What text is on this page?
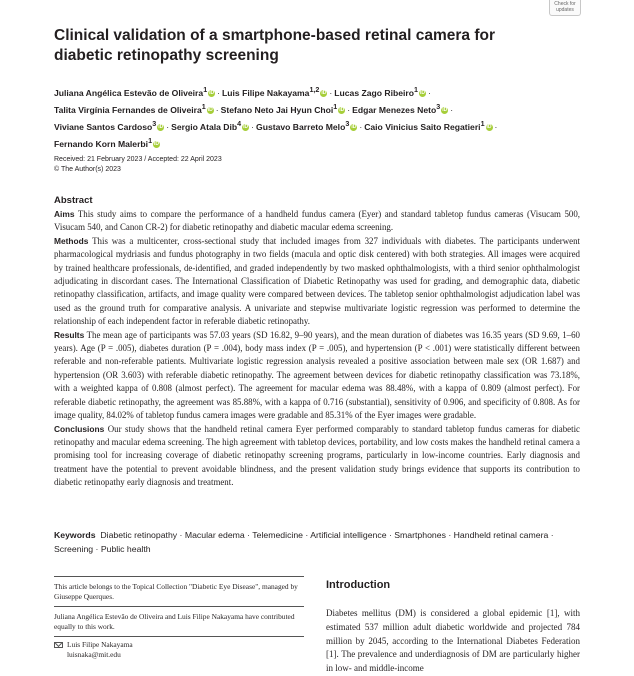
Check for
updates
Clinical validation of a smartphone-based retinal camera for diabetic retinopathy screening
Juliana Angélica Estevão de Oliveira$^1$ iD · Luis Filipe Nakayama$^{1,2}$ iD · Lucas Zago Ribeiro$^1$ iD ·
Talita Virgínia Fernandes de Oliveira$^1$ iD · Stefano Neto Jai Hyun Choi$^1$ iD · Edgar Menezes Neto$^3$ iD ·
Viviane Santos Cardoso$^3$ iD · Sergio Atala Dib$^4$ iD · Gustavo Barreto Melo$^3$ iD · Caio Vinicius Saito Regatieri$^1$ iD ·
Fernando Korn Malerbi$^1$ iD
Received: 21 February 2023 / Accepted: 22 April 2023
© The Author(s) 2023
Abstract

Aims This study aims to compare the performance of a handheld fundus camera (Eyer) and standard tabletop fundus cameras (Visucam 500, Visucam 540, and Canon CR-2) for diabetic retinopathy and diabetic macular edema screening.

Methods This was a multicenter, cross-sectional study that included images from 327 individuals with diabetes. The participants underwent pharmacological mydriasis and fundus photography in two fields (macula and optic disk centered) with both strategies. All images were acquired by trained healthcare professionals, de-identified, and graded independently by two masked ophthalmologists, with a third senior ophthalmologist adjudicating in discordant cases. The International Classification of Diabetic Retinopathy was used for grading, and demographic data, diabetic retinopathy classification, artifacts, and image quality were compared between devices. The tabletop senior ophthalmologist adjudication label was used as the ground truth for comparative analysis. A univariate and stepwise multivariate logistic regression was performed to determine the relationship of each independent factor in referable diabetic retinopathy.

Results The mean age of participants was 57.03 years (SD 16.82, 9–90 years), and the mean duration of diabetes was 16.35 years (SD 9.69, 1–60 years). Age (P = .005), diabetes duration (P = .004), body mass index (P = .005), and hypertension (P < .001) were statistically different between referable and non-referable patients. Multivariate logistic regression analysis revealed a positive association between male sex (OR 1.687) and hypertension (OR 3.603) with referable diabetic retinopathy. The agreement between devices for diabetic retinopathy classification was 73.18%, with a weighted kappa of 0.808 (almost perfect). The agreement for macular edema was 88.48%, with a kappa of 0.809 (almost perfect). For referable diabetic retinopathy, the agreement was 85.88%, with a kappa of 0.716 (substantial), sensitivity of 0.906, and specificity of 0.808. As for image quality, 84.02% of tabletop fundus camera images were gradable and 85.31% of the Eyer images were gradable.

Conclusions Our study shows that the handheld retinal camera Eyer performed comparably to standard tabletop fundus cameras for diabetic retinopathy and macular edema screening. The high agreement with tabletop devices, portability, and low costs makes the handheld retinal camera a promising tool for increasing coverage of diabetic retinopathy screening programs, particularly in low-income countries. Early diagnosis and treatment have the potential to prevent avoidable blindness, and the present validation study brings evidence that supports its contribution to diabetic retinopathy early diagnosis and treatment.

Keywords Diabetic retinopathy · Macular edema · Telemedicine · Artificial intelligence · Smartphones · Handheld retinal camera · Screening · Public health

This article belongs to the Topical Collection "Diabetic Eye Disease", managed by Giuseppe Querques.

Juliana Angélica Estevão de Oliveira and Luis Filipe Nakayama have contributed equally to this work.

Luis Filipe Nakayama

luisnaka@mit.edu

Introduction

Diabetes mellitus (DM) is considered a global epidemic [1], with estimated 537 million adult diabetic worldwide and projected 784 million by 2045, according to the International Diabetes Federation [1]. The prevalence and underdiagnosis of DM are particularly higher in low- and middle-income
